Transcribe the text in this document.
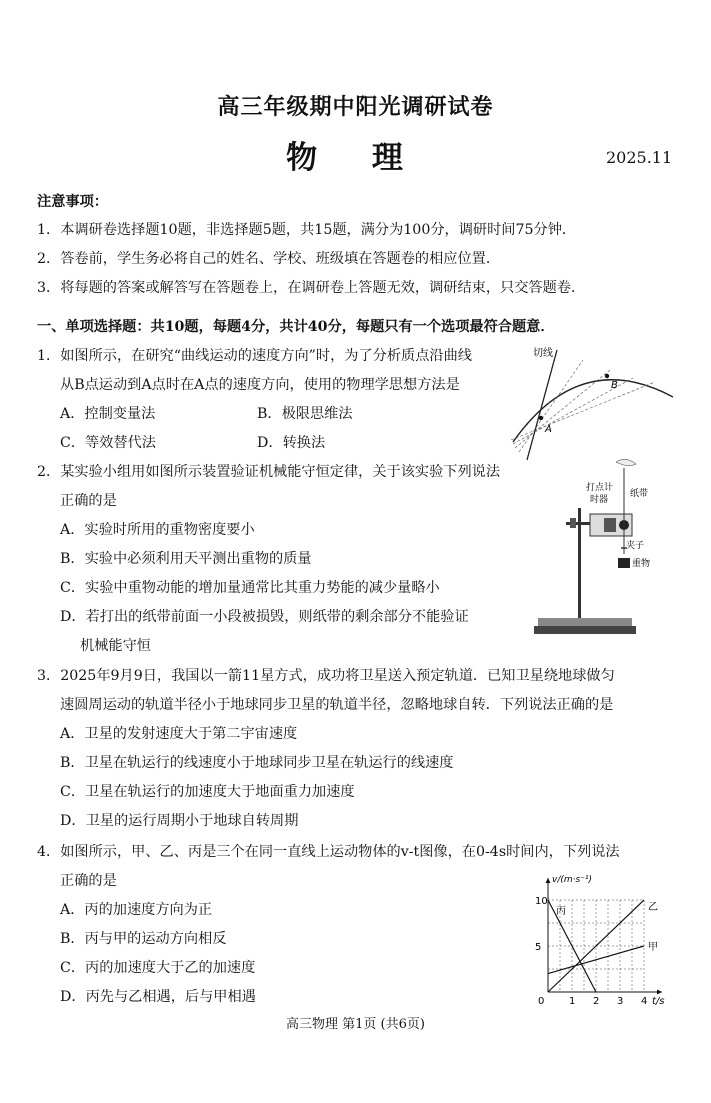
高三年级期中阳光调研试卷
物 理	2025.11
注意事项：
1．本调研卷选择题10题，非选择题5题，共15题，满分为100分，调研时间75分钟．
2．答卷前，学生务必将自己的姓名、学校、班级填在答题卷的相应位置．
3．将每题的答案或解答写在答题卷上，在调研卷上答题无效，调研结束，只交答题卷．
一、单项选择题：共10题，每题4分，共计40分，每题只有一个选项最符合题意．
1．如图所示，在研究“曲线运动的速度方向”时，为了分析质点沿曲线
从B点运动到A点时在A点的速度方向，使用的物理学思想方法是
A．控制变量法	B．极限思维法
C．等效替代法	D．转换法
切线
A
B
2．某实验小组用如图所示装置验证机械能守恒定律，关于该实验下列说法
正确的是
A．实验时所用的重物密度要小
B．实验中必须利用天平测出重物的质量
C．实验中重物动能的增加量通常比其重力势能的减少量略小
D．若打出的纸带前面一小段被损毁，则纸带的剩余部分不能验证
机械能守恒
打点计
时器
纸带
夹子
重物
3．2025年9月9日，我国以一箭11星方式，成功将卫星送入预定轨道．已知卫星绕地球做匀
速圆周运动的轨道半径小于地球同步卫星的轨道半径，忽略地球自转．下列说法正确的是
A．卫星的发射速度大于第二宇宙速度
B．卫星在轨运行的线速度小于地球同步卫星在轨运行的线速度
C．卫星在轨运行的加速度大于地面重力加速度
D．卫星的运行周期小于地球自转周期
4．如图所示，甲、乙、丙是三个在同一直线上运动物体的v-t图像，在0-4s时间内，下列说法
正确的是
A．丙的加速度方向为正
B．丙与甲的运动方向相反
C．丙的加速度大于乙的加速度
D．丙先与乙相遇，后与甲相遇	0 1 2 3 4
5
10
t/s
v/(m·s⁻¹)
甲
乙
丙
高三物理 第1页 (共6页)
